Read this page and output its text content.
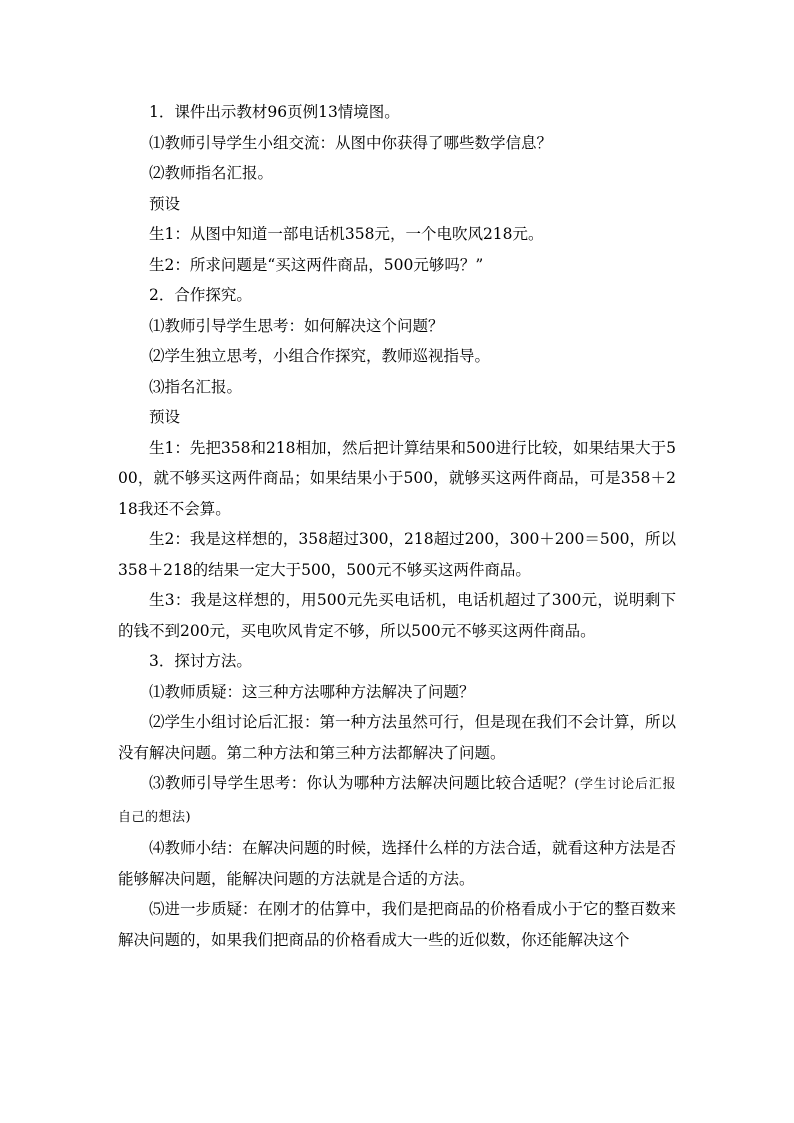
1．课件出示教材96页例13情境图。

⑴教师引导学生小组交流：从图中你获得了哪些数学信息？

⑵教师指名汇报。

预设

生1：从图中知道一部电话机358元，一个电吹风218元。

生2：所求问题是“买这两件商品，500元够吗？”

2．合作探究。

⑴教师引导学生思考：如何解决这个问题？

⑵学生独立思考，小组合作探究，教师巡视指导。

⑶指名汇报。

预设

生1：先把358和218相加，然后把计算结果和500进行比较，如果结果大于500，就不够买这两件商品；如果结果小于500，就够买这两件商品，可是358＋218我还不会算。

生2：我是这样想的，358超过300，218超过200，300＋200＝500，所以358＋218的结果一定大于500，500元不够买这两件商品。

生3：我是这样想的，用500元先买电话机，电话机超过了300元，说明剩下的钱不到200元，买电吹风肯定不够，所以500元不够买这两件商品。

3．探讨方法。

⑴教师质疑：这三种方法哪种方法解决了问题？

⑵学生小组讨论后汇报：第一种方法虽然可行，但是现在我们不会计算，所以没有解决问题。第二种方法和第三种方法都解决了问题。

⑶教师引导学生思考：你认为哪种方法解决问题比较合适呢？(学生讨论后汇报自己的想法)

⑷教师小结：在解决问题的时候，选择什么样的方法合适，就看这种方法是否能够解决问题，能解决问题的方法就是合适的方法。

⑸进一步质疑：在刚才的估算中，我们是把商品的价格看成小于它的整百数来解决问题的，如果我们把商品的价格看成大一些的近似数，你还能解决这个
